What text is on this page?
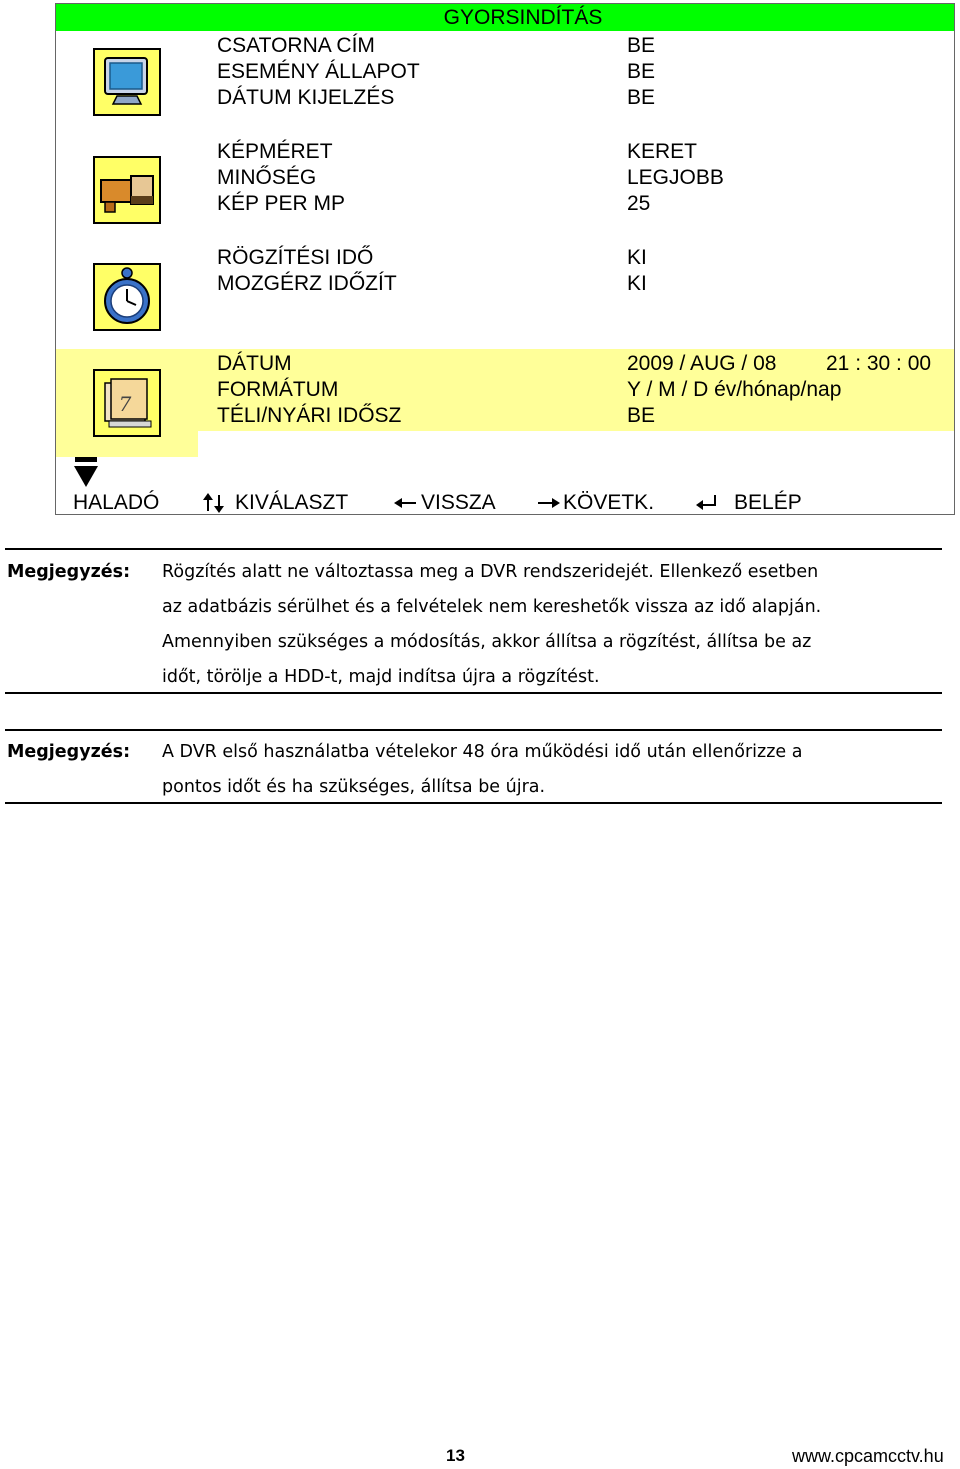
GYORSINDÍTÁS
CSATORNA CÍM	BE
ESEMÉNY ÁLLAPOT	BE
DÁTUM KIJELZÉS	BE
KÉPMÉRET	KERET
MINŐSÉG	LEGJOBB
KÉP PER MP	25
RÖGZÍTÉSI IDŐ	KI
MOZGÉRZ IDŐZÍT	KI
7
DÁTUM	2009 / AUG / 08 21 : 30 : 00
FORMÁTUM	Y / M / D év/hónap/nap
TÉLI/NYÁRI IDŐSZ	BE
HALADÓ	KIVÁLASZT	VISSZA	KÖVETK.	BELÉP
Megjegyzés: Rögzítés alatt ne változtassa meg a DVR rendszeridejét. Ellenkező esetben
az adatbázis sérülhet és a felvételek nem kereshetők vissza az idő alapján.
Amennyiben szükséges a módosítás, akkor állítsa a rögzítést, állítsa be az
időt, törölje a HDD-t, majd indítsa újra a rögzítést.
Megjegyzés: A DVR első használatba vételekor 48 óra működési idő után ellenőrizze a
pontos időt és ha szükséges, állítsa be újra.
13	www.cpcamcctv.hu
